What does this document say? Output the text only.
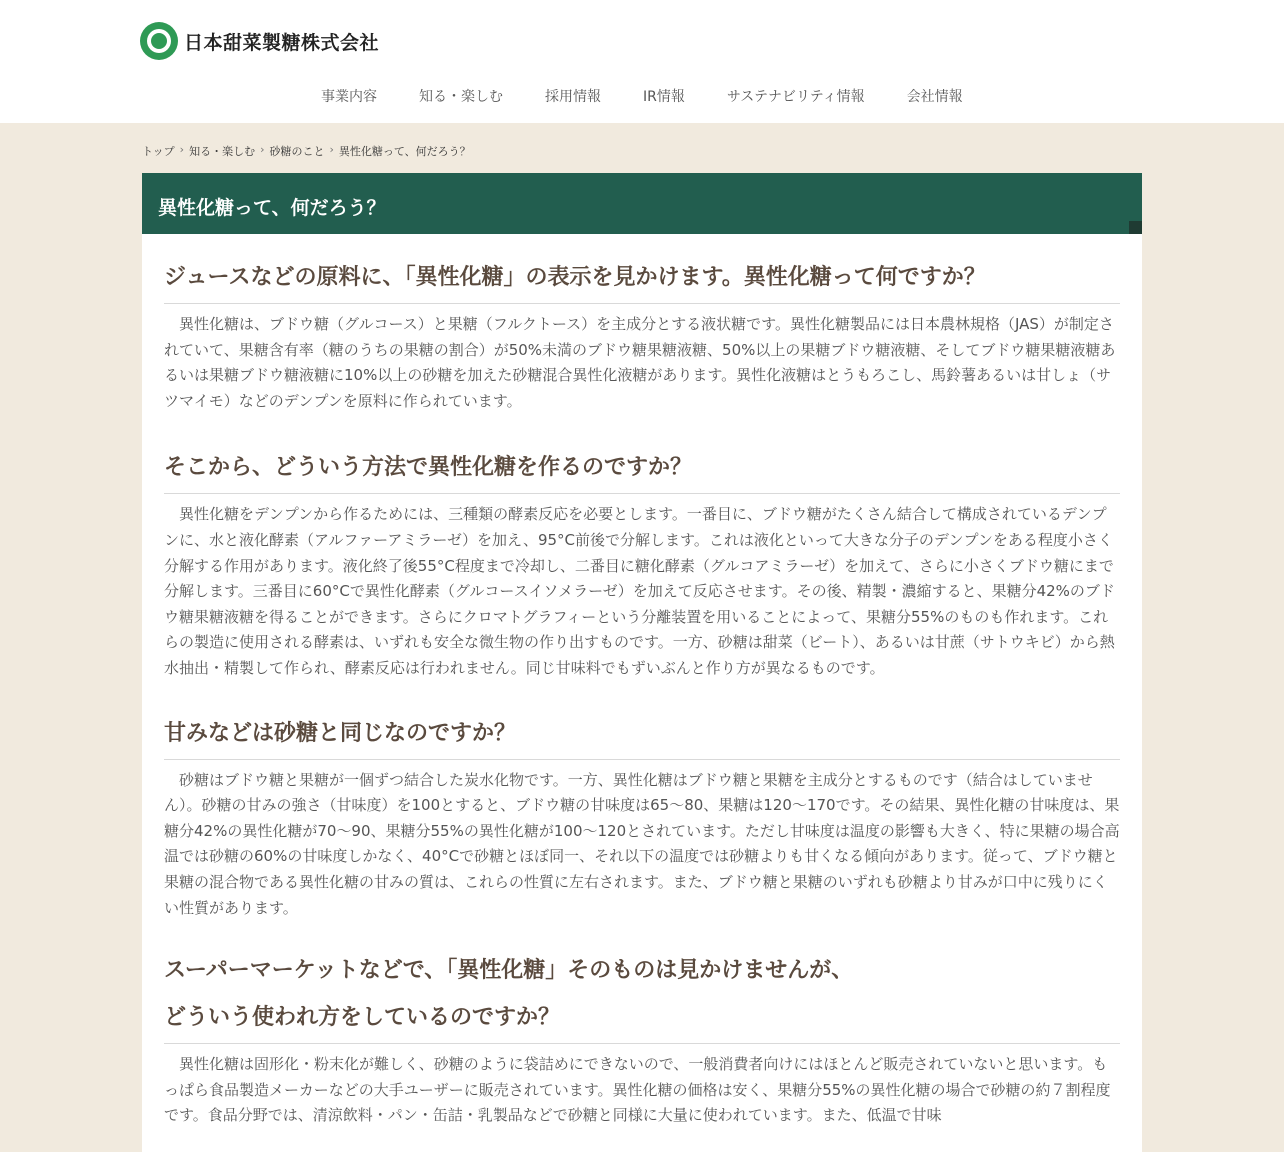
日本甜菜製糖株式会社
事業内容	知る・楽しむ	採用情報	IR情報	サステナビリティ情報	会社情報
トップ › 知る・楽しむ › 砂糖のこと › 異性化糖って、何だろう？
異性化糖って、何だろう？
ジュースなどの原料に、「異性化糖」の表示を見かけます。異性化糖って何ですか？

異性化糖は、ブドウ糖（グルコース）と果糖（フルクトース）を主成分とする液状糖です。異性化糖製品には日本農林規格（JAS）が制定されていて、果糖含有率（糖のうちの果糖の割合）が50%未満のブドウ糖果糖液糖、50%以上の果糖ブドウ糖液糖、そしてブドウ糖果糖液糖あるいは果糖ブドウ糖液糖に10%以上の砂糖を加えた砂糖混合異性化液糖があります。異性化液糖はとうもろこし、馬鈴薯あるいは甘しょ（サツマイモ）などのデンプンを原料に作られています。

そこから、どういう方法で異性化糖を作るのですか？

異性化糖をデンプンから作るためには、三種類の酵素反応を必要とします。一番目に、ブドウ糖がたくさん結合して構成されているデンプンに、水と液化酵素（アルファーアミラーゼ）を加え、95°C前後で分解します。これは液化といって大きな分子のデンプンをある程度小さく分解する作用があります。液化終了後55°C程度まで冷却し、二番目に糖化酵素（グルコアミラーゼ）を加えて、さらに小さくブドウ糖にまで分解します。三番目に60°Cで異性化酵素（グルコースイソメラーゼ）を加えて反応させます。その後、精製・濃縮すると、果糖分42%のブドウ糖果糖液糖を得ることができます。さらにクロマトグラフィーという分離装置を用いることによって、果糖分55%のものも作れます。これらの製造に使用される酵素は、いずれも安全な微生物の作り出すものです。一方、砂糖は甜菜（ビート）、あるいは甘蔗（サトウキビ）から熱水抽出・精製して作られ、酵素反応は行われません。同じ甘味料でもずいぶんと作り方が異なるものです。

甘みなどは砂糖と同じなのですか？

砂糖はブドウ糖と果糖が一個ずつ結合した炭水化物です。一方、異性化糖はブドウ糖と果糖を主成分とするものです（結合はしていません）。砂糖の甘みの強さ（甘味度）を100とすると、ブドウ糖の甘味度は65〜80、果糖は120〜170です。その結果、異性化糖の甘味度は、果糖分42%の異性化糖が70〜90、果糖分55%の異性化糖が100〜120とされています。ただし甘味度は温度の影響も大きく、特に果糖の場合高温では砂糖の60%の甘味度しかなく、40°Cで砂糖とほぼ同一、それ以下の温度では砂糖よりも甘くなる傾向があります。従って、ブドウ糖と果糖の混合物である異性化糖の甘みの質は、これらの性質に左右されます。また、ブドウ糖と果糖のいずれも砂糖より甘みが口中に残りにくい性質があります。

スーパーマーケットなどで、「異性化糖」そのものは見かけませんが、
どういう使われ方をしているのですか？

異性化糖は固形化・粉末化が難しく、砂糖のように袋詰めにできないので、一般消費者向けにはほとんど販売されていないと思います。もっぱら食品製造メーカーなどの大手ユーザーに販売されています。異性化糖の価格は安く、果糖分55%の異性化糖の場合で砂糖の約７割程度です。食品分野では、清涼飲料・パン・缶詰・乳製品などで砂糖と同様に大量に使われています。また、低温で甘味
